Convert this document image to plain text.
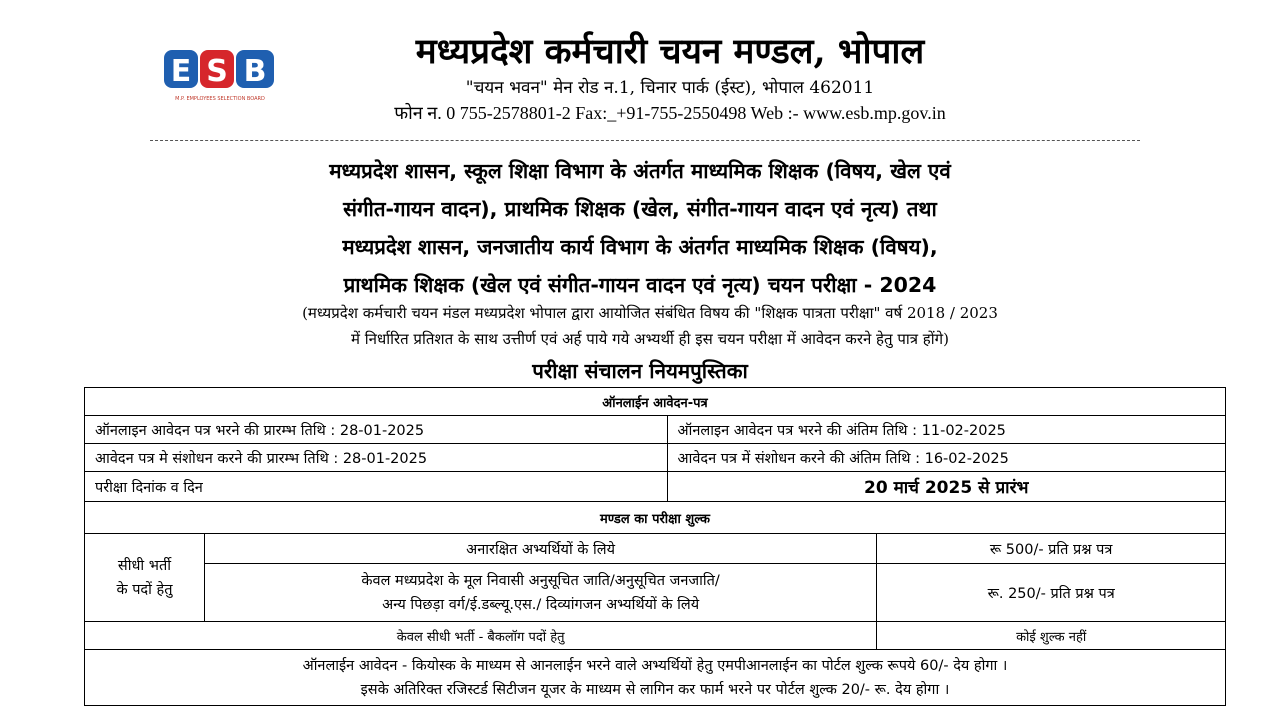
E S B
M.P. EMPLOYEES SELECTION BOARD
मध्यप्रदेश कर्मचारी चयन मण्डल, भोपाल
"चयन भवन" मेन रोड न.1, चिनार पार्क (ईस्ट), भोपाल 462011
फोन न. 0 755-2578801-2 Fax:_+91-755-2550498 Web :- www.esb.mp.gov.in
मध्यप्रदेश शासन, स्कूल शिक्षा विभाग के अंतर्गत माध्यमिक शिक्षक (विषय, खेल एवं
संगीत-गायन वादन), प्राथमिक शिक्षक (खेल, संगीत-गायन वादन एवं नृत्य) तथा
मध्यप्रदेश शासन, जनजातीय कार्य विभाग के अंतर्गत माध्यमिक शिक्षक (विषय),
प्राथमिक शिक्षक (खेल एवं संगीत-गायन वादन एवं नृत्य) चयन परीक्षा - 2024
(मध्यप्रदेश कर्मचारी चयन मंडल मध्यप्रदेश भोपाल द्वारा आयोजित संबंधित विषय की "शिक्षक पात्रता परीक्षा" वर्ष 2018 / 2023
में निर्धारित प्रतिशत के साथ उत्तीर्ण एवं अर्ह पाये गये अभ्यर्थी ही इस चयन परीक्षा में आवेदन करने हेतु पात्र होंगे)
परीक्षा संचालन नियमपुस्तिका
ऑनलाईन आवेदन-पत्र			
ऑनलाइन आवेदन पत्र भरने की प्रारम्भ तिथि : 28-01-2025		ऑनलाइन आवेदन पत्र भरने की अंतिम तिथि : 11-02-2025	
आवेदन पत्र मे संशोधन करने की प्रारम्भ तिथि : 28-01-2025		आवेदन पत्र में संशोधन करने की अंतिम तिथि : 16-02-2025	
परीक्षा दिनांक व दिन		20 मार्च 2025 से प्रारंभ	
मण्डल का परीक्षा शुल्क			

सीधी भर्ती
के पदों हेतु	अनारक्षित अभ्यर्थियों के लिये		रू 500/- प्रति प्रश्न पत्र

	केवल मध्यप्रदेश के मूल निवासी अनुसूचित जाति/अनुसूचित जनजाति/
अन्य पिछड़ा वर्ग/ई.डब्ल्यू.एस./ दिव्यांगजन अभ्यर्थियों के लिये		रू. 250/- प्रति प्रश्न पत्र
केवल सीधी भर्ती - बैकलॉग पदों हेतु			कोई शुल्क नहीं

ऑनलाईन आवेदन - कियोस्क के माध्यम से आनलाईन भरने वाले अभ्यर्थियों हेतु एमपीआनलाईन का पोर्टल शुल्क रूपये 60/- देय होगा ।
इसके अतिरिक्त रजिस्टर्ड सिटीजन यूजर के माध्यम से लागिन कर फार्म भरने पर पोर्टल शुल्क 20/- रू. देय होगा ।			
